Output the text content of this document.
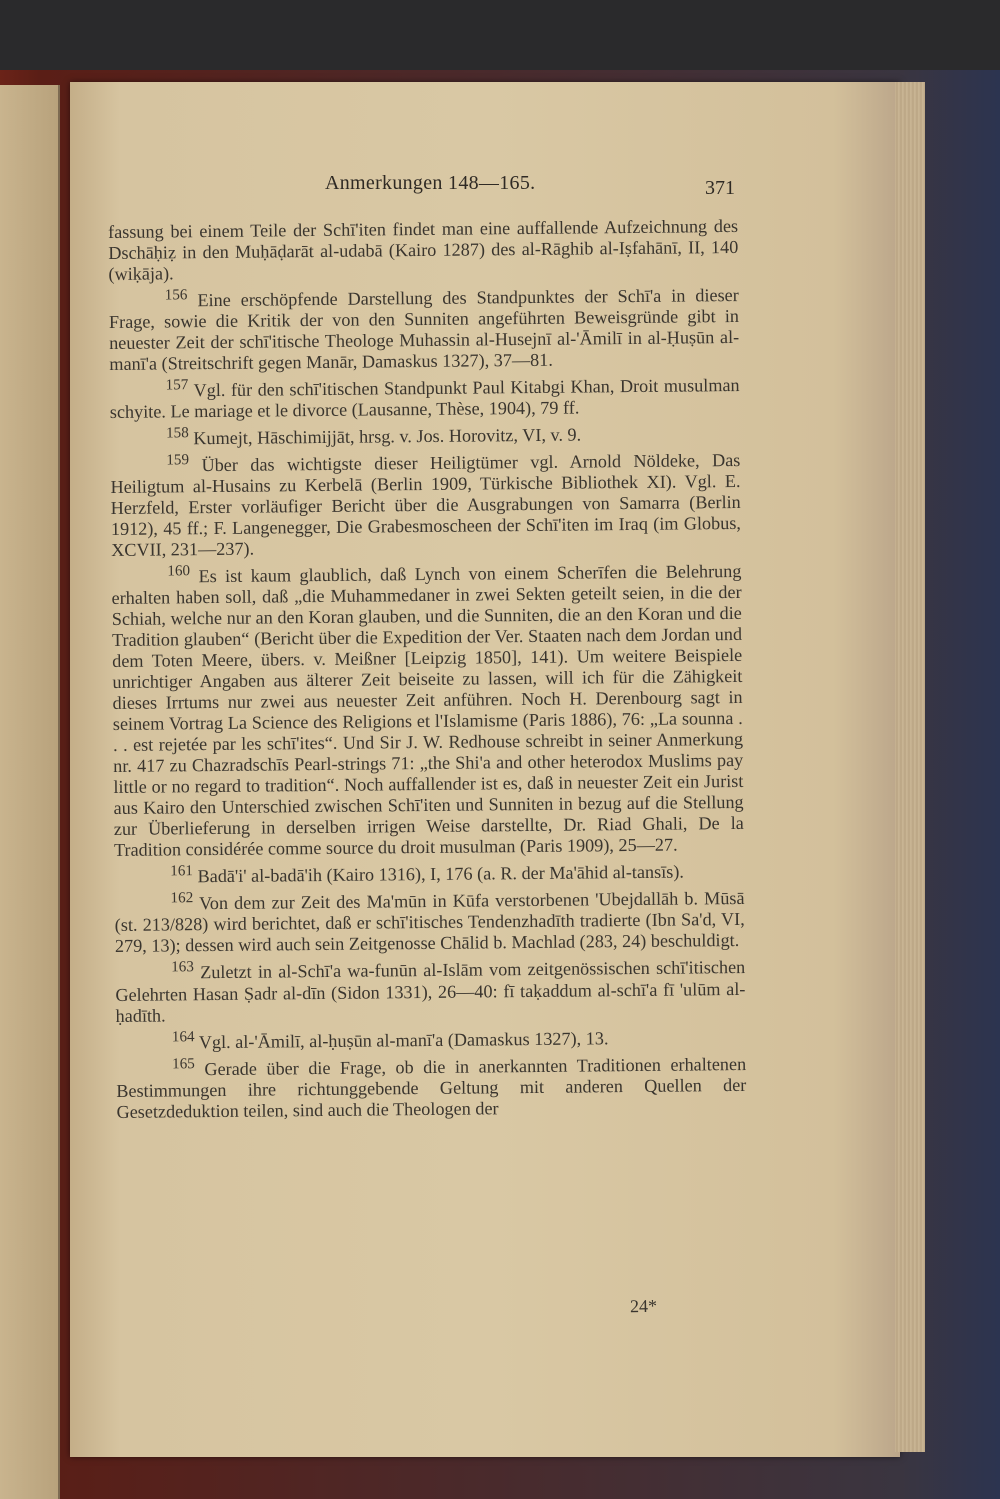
Anmerkungen 148—165.	371

fassung bei einem Teile der Schī'iten findet man eine auffallende Aufzeichnung des Dschāḥiẓ in den Muḥāḍarāt al-udabā (Kairo 1287) des al-Rāghib al-Iṣfahānī, II, 140 (wiḳāja).

$^{156}$ Eine erschöpfende Darstellung des Standpunktes der Schī'a in dieser Frage, sowie die Kritik der von den Sunniten angeführten Beweisgründe gibt in neuester Zeit der schī'itische Theologe Muhassin al-Husejnī al-'Āmilī in al-Ḥuṣūn al-manī'a (Streitschrift gegen Manār, Damaskus 1327), 37—81.

$^{157}$ Vgl. für den schī'itischen Standpunkt Paul Kitabgi Khan, Droit musulman schyite. Le mariage et le divorce (Lausanne, Thèse, 1904), 79 ff.

$^{158}$ Kumejt, Hāschimijjāt, hrsg. v. Jos. Horovitz, VI, v. 9.

$^{159}$ Über das wichtigste dieser Heiligtümer vgl. Arnold Nöldeke, Das Heiligtum al-Husains zu Kerbelā (Berlin 1909, Türkische Bibliothek XI). Vgl. E. Herzfeld, Erster vorläufiger Bericht über die Ausgrabungen von Samarra (Berlin 1912), 45 ff.; F. Langenegger, Die Grabesmoscheen der Schī'iten im Iraq (im Globus, XCVII, 231—237).

$^{160}$ Es ist kaum glaublich, daß Lynch von einem Scherīfen die Belehrung erhalten haben soll, daß „die Muhammedaner in zwei Sekten geteilt seien, in die der Schiah, welche nur an den Koran glauben, und die Sunniten, die an den Koran und die Tradition glauben“ (Bericht über die Expedition der Ver. Staaten nach dem Jordan und dem Toten Meere, übers. v. Meißner [Leipzig 1850], 141). Um weitere Beispiele unrichtiger Angaben aus älterer Zeit beiseite zu lassen, will ich für die Zähigkeit dieses Irrtums nur zwei aus neuester Zeit anführen. Noch H. Derenbourg sagt in seinem Vortrag La Science des Religions et l'Islamisme (Paris 1886), 76: „La sounna . . . est rejetée par les schī'ites“. Und Sir J. W. Redhouse schreibt in seiner Anmerkung nr. 417 zu Chazradschīs Pearl-strings 71: „the Shi'a and other heterodox Muslims pay little or no regard to tradition“. Noch auffallender ist es, daß in neuester Zeit ein Jurist aus Kairo den Unterschied zwischen Schī'iten und Sunniten in bezug auf die Stellung zur Überlieferung in derselben irrigen Weise darstellte, Dr. Riad Ghali, De la Tradition considérée comme source du droit musulman (Paris 1909), 25—27.

$^{161}$ Badā'i' al-badā'ih (Kairo 1316), I, 176 (a. R. der Ma'āhid al-tansīs).

$^{162}$ Von dem zur Zeit des Ma'mūn in Kūfa verstorbenen 'Ubejdallāh b. Mūsā (st. 213/828) wird berichtet, daß er schī'itisches Tendenzhadīth tradierte (Ibn Sa'd, VI, 279, 13); dessen wird auch sein Zeitgenosse Chālid b. Machlad (283, 24) beschuldigt.

$^{163}$ Zuletzt in al-Schī'a wa-funūn al-Islām vom zeitgenössischen schī'itischen Gelehrten Hasan Ṣadr al-dīn (Sidon 1331), 26—40: fī taḳaddum al-schī'a fī 'ulūm al-ḥadīth.

$^{164}$ Vgl. al-'Āmilī, al-ḥuṣūn al-manī'a (Damaskus 1327), 13.

$^{165}$ Gerade über die Frage, ob die in anerkannten Traditionen erhaltenen Bestimmungen ihre richtunggebende Geltung mit anderen Quellen der Gesetzdeduktion teilen, sind auch die Theologen der

24*
